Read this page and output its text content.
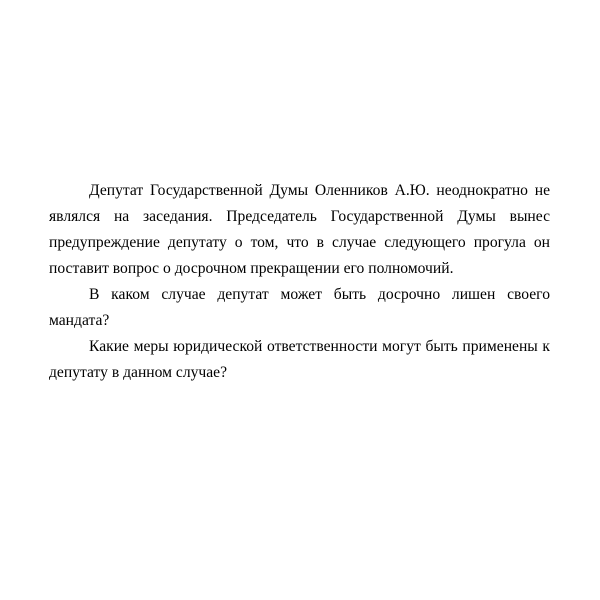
Депутат Государственной Думы Оленников А.Ю. неоднократно не являлся на заседания. Председатель Государственной Думы вынес предупреждение депутату о том, что в случае следующего прогула он поставит вопрос о досрочном прекращении его полномочий.

В каком случае депутат может быть досрочно лишен своего мандата?

Какие меры юридической ответственности могут быть применены к депутату в данном случае?
